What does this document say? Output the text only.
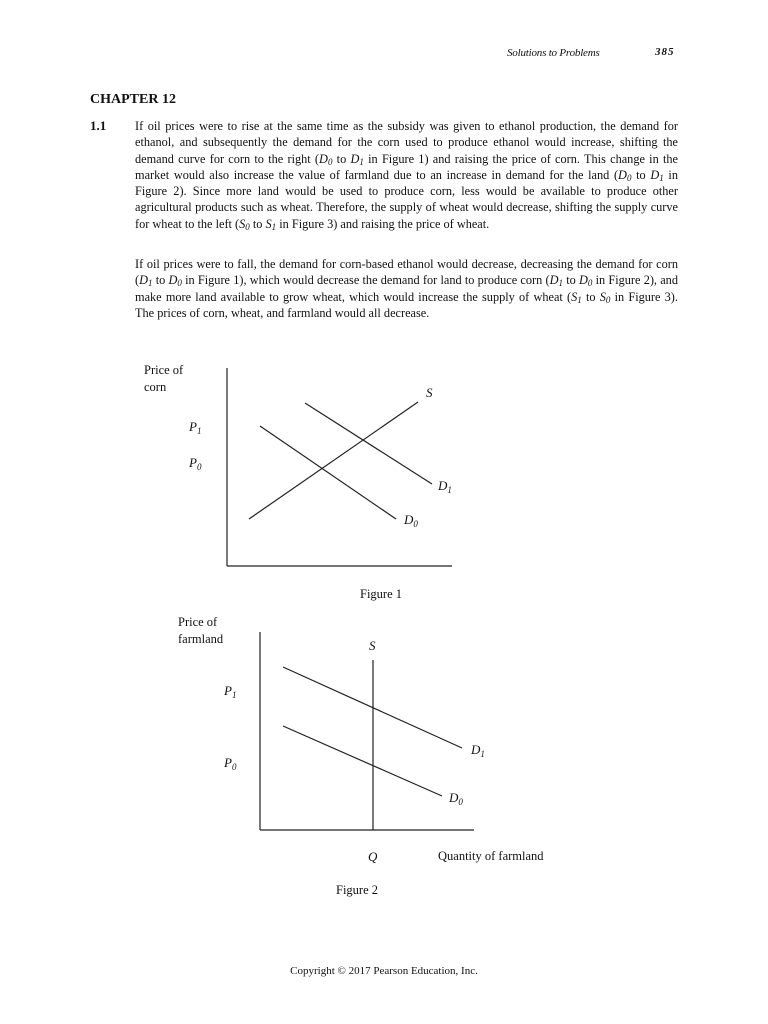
Solutions to Problems	385
CHAPTER 12
1.1 If oil prices were to rise at the same time as the subsidy was given to ethanol production, the demand for ethanol, and subsequently the demand for the corn used to produce ethanol would increase, shifting the demand curve for corn to the right ($D_0$ to $D_1$ in Figure 1) and raising the price of corn. This change in the market would also increase the value of farmland due to an increase in demand for the land ($D_0$ to $D_1$ in Figure 2). Since more land would be used to produce corn, less would be available to produce other agricultural products such as wheat. Therefore, the supply of wheat would decrease, shifting the supply curve for wheat to the left ($S_0$ to $S_1$ in Figure 3) and raising the price of wheat.
If oil prices were to fall, the demand for corn-based ethanol would decrease, decreasing the demand for corn ($D_1$ to $D_0$ in Figure 1), which would decrease the demand for land to produce corn ($D_1$ to $D_0$ in Figure 2), and make more land available to grow wheat, which would increase the supply of wheat ($S_1$ to $S_0$ in Figure 3). The prices of corn, wheat, and farmland would all decrease.
Price of
corn
$P_1$
$P_0$
S
$D_1$
$D_0$
Figure 1
Price of
farmland
$P_1$
$P_0$
S
$D_1$
$D_0$
Q	Quantity of farmland
Figure 2
Copyright © 2017 Pearson Education, Inc.
